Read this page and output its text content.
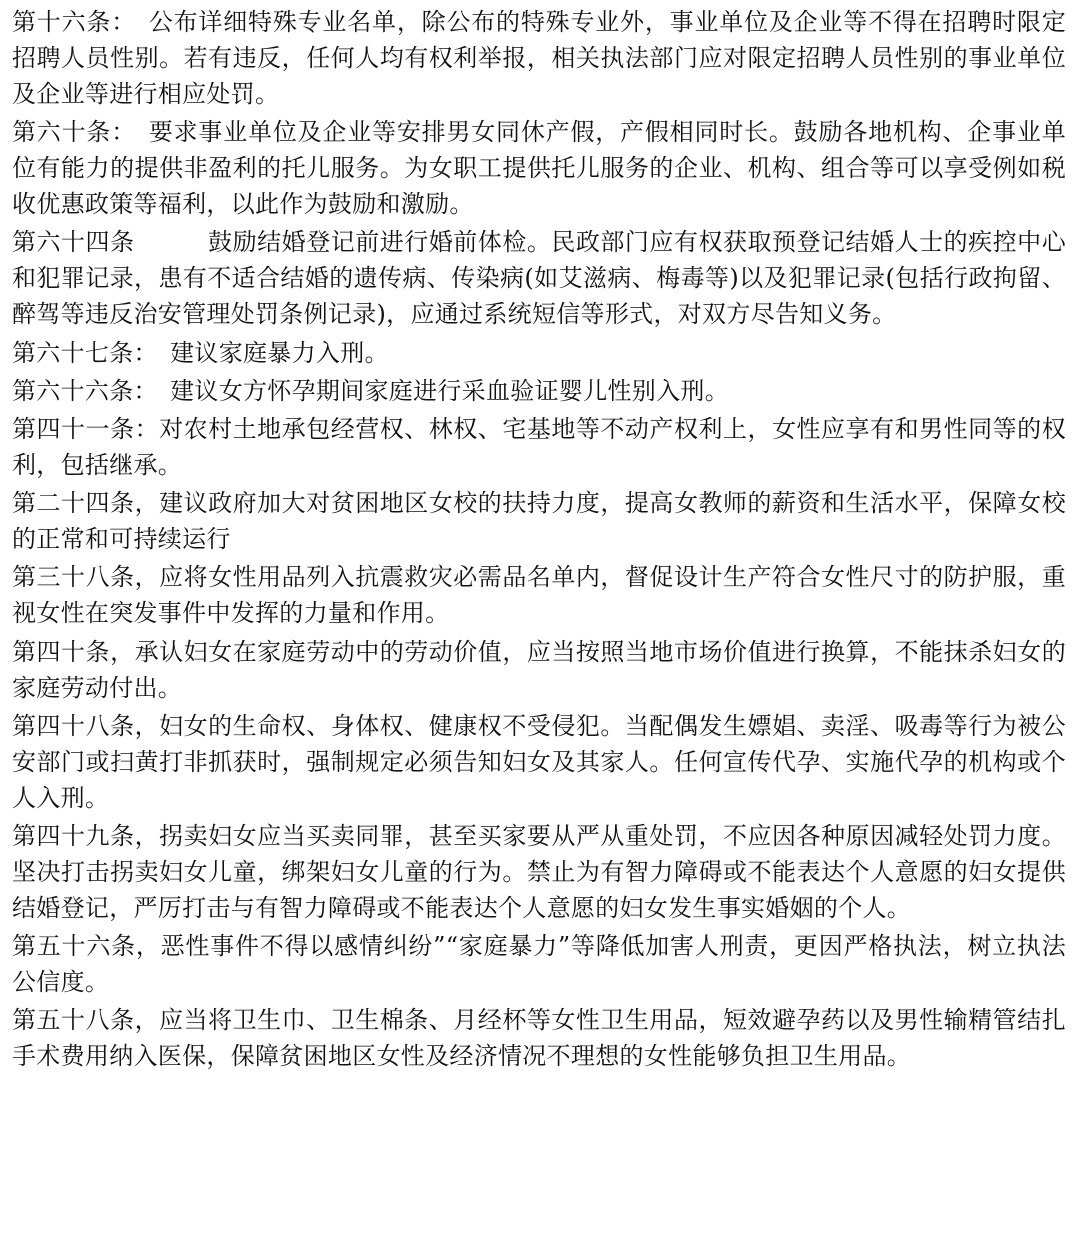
第十六条：　公布详细特殊专业名单，除公布的特殊专业外，事业单位及企业等不得在招聘时限定招聘人员性别。若有违反，任何人均有权利举报，相关执法部门应对限定招聘人员性别的事业单位及企业等进行相应处罚。

第六十条：　要求事业单位及企业等安排男女同休产假，产假相同时长。鼓励各地机构、企事业单位有能力的提供非盈利的托儿服务。为女职工提供托儿服务的企业、机构、组合等可以享受例如税收优惠政策等福利，以此作为鼓励和激励。

第六十四条　　　鼓励结婚登记前进行婚前体检。民政部门应有权获取预登记结婚人士的疾控中心和犯罪记录，患有不适合结婚的遗传病、传染病(如艾滋病、梅毒等)以及犯罪记录(包括行政拘留、醉驾等违反治安管理处罚条例记录)，应通过系统短信等形式，对双方尽告知义务。

第六十七条：　建议家庭暴力入刑。

第六十六条：　建议女方怀孕期间家庭进行采血验证婴儿性别入刑。

第四十一条：对农村土地承包经营权、林权、宅基地等不动产权利上，女性应享有和男性同等的权利，包括继承。

第二十四条，建议政府加大对贫困地区女校的扶持力度，提高女教师的薪资和生活水平，保障女校的正常和可持续运行

第三十八条，应将女性用品列入抗震救灾必需品名单内，督促设计生产符合女性尺寸的防护服，重视女性在突发事件中发挥的力量和作用。

第四十条，承认妇女在家庭劳动中的劳动价值，应当按照当地市场价值进行换算，不能抹杀妇女的家庭劳动付出。

第四十八条，妇女的生命权、身体权、健康权不受侵犯。当配偶发生嫖娼、卖淫、吸毒等行为被公安部门或扫黄打非抓获时，强制规定必须告知妇女及其家人。任何宣传代孕、实施代孕的机构或个人入刑。

第四十九条，拐卖妇女应当买卖同罪，甚至买家要从严从重处罚，不应因各种原因减轻处罚力度。坚决打击拐卖妇女儿童，绑架妇女儿童的行为。禁止为有智力障碍或不能表达个人意愿的妇女提供结婚登记，严厉打击与有智力障碍或不能表达个人意愿的妇女发生事实婚姻的个人。

第五十六条，恶性事件不得以感情纠纷”“家庭暴力”等降低加害人刑责，更因严格执法，树立执法公信度。

第五十八条，应当将卫生巾、卫生棉条、月经杯等女性卫生用品，短效避孕药以及男性输精管结扎手术费用纳入医保，保障贫困地区女性及经济情况不理想的女性能够负担卫生用品。
